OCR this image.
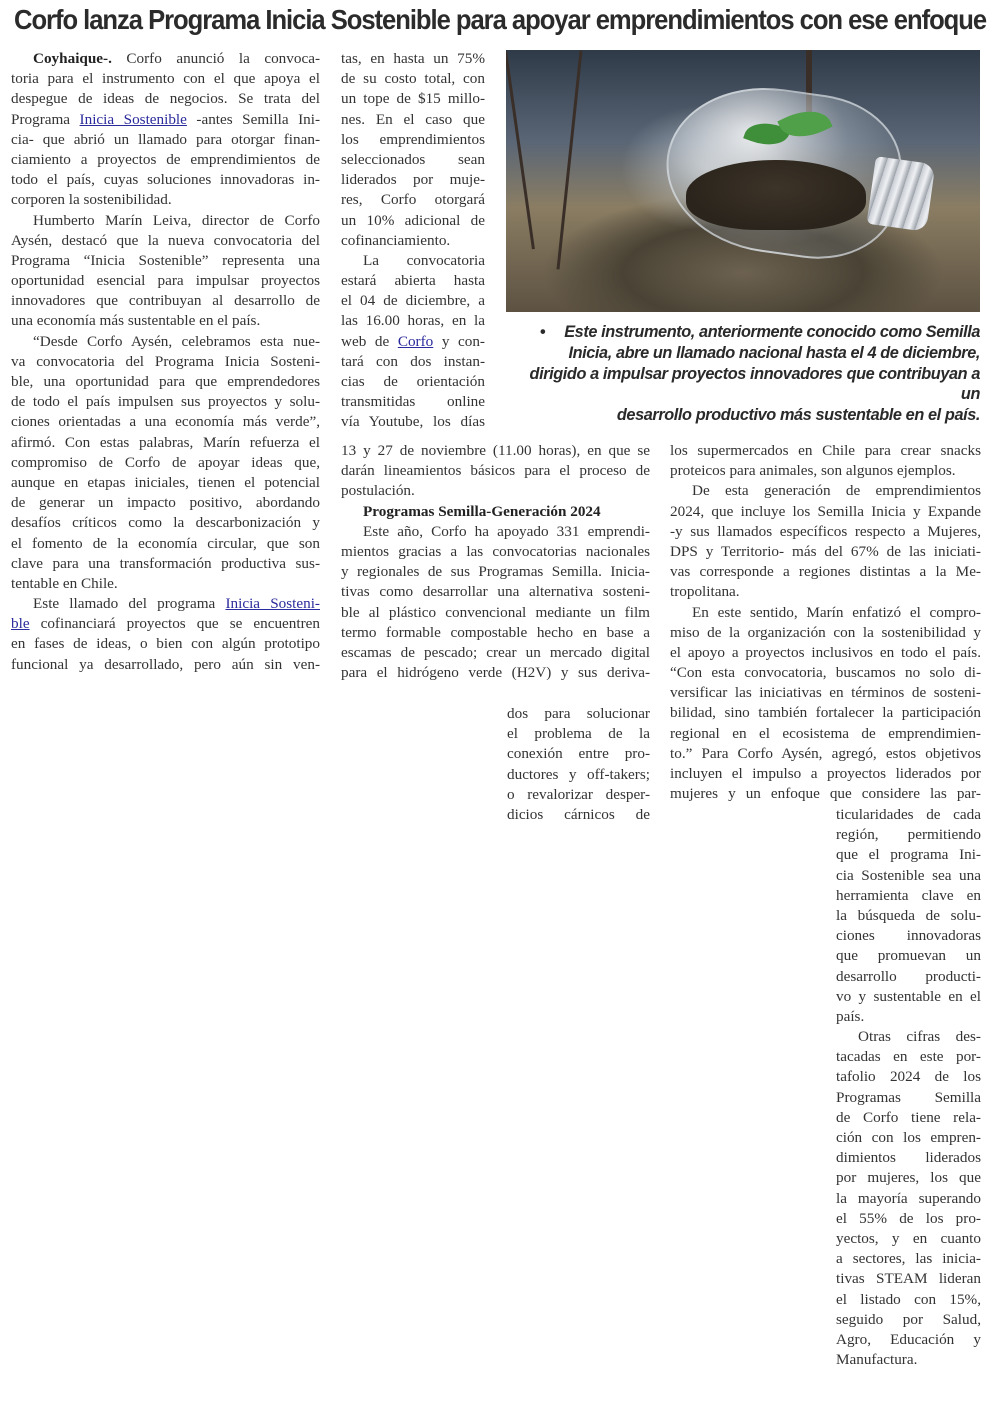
Corfo lanza Programa Inicia Sostenible para apoyar emprendimientos con ese enfoque
Coyhaique-. Corfo anunció la convoca-
toria para el instrumento con el que apoya el
despegue de ideas de negocios. Se trata del
Programa Inicia Sostenible -antes Semilla Ini-
cia- que abrió un llamado para otorgar finan-
ciamiento a proyectos de emprendimientos de
todo el país, cuyas soluciones innovadoras in-
corporen la sostenibilidad.
Humberto Marín Leiva, director de Corfo
Aysén, destacó que la nueva convocatoria del
Programa “Inicia Sostenible” representa una
oportunidad esencial para impulsar proyectos
innovadores que contribuyan al desarrollo de
una economía más sustentable en el país.
“Desde Corfo Aysén, celebramos esta nue-
va convocatoria del Programa Inicia Sosteni-
ble, una oportunidad para que emprendedores
de todo el país impulsen sus proyectos y solu-
ciones orientadas a una economía más verde”,
afirmó. Con estas palabras, Marín refuerza el
compromiso de Corfo de apoyar ideas que,
aunque en etapas iniciales, tienen el potencial
de generar un impacto positivo, abordando
desafíos críticos como la descarbonización y
el fomento de la economía circular, que son
clave para una transformación productiva sus-
tentable en Chile.
Este llamado del programa Inicia Sosteni-
ble cofinanciará proyectos que se encuentren
en fases de ideas, o bien con algún prototipo
funcional ya desarrollado, pero aún sin ven-
tas, en hasta un 75%
de su costo total, con
un tope de $15 millo-
nes. En el caso que
los emprendimientos
seleccionados sean
liderados por muje-
res, Corfo otorgará
un 10% adicional de
cofinanciamiento.
La convocatoria
estará abierta hasta
el 04 de diciembre, a
las 16.00 horas, en la
web de Corfo y con-
tará con dos instan-
cias de orientación
transmitidas online
vía Youtube, los días
13 y 27 de noviembre (11.00 horas), en que se
darán lineamientos básicos para el proceso de
postulación.
Programas Semilla-Generación 2024
Este año, Corfo ha apoyado 331 emprendi-
mientos gracias a las convocatorias nacionales
y regionales de sus Programas Semilla. Inicia-
tivas como desarrollar una alternativa sosteni-
ble al plástico convencional mediante un film
termo formable compostable hecho en base a
escamas de pescado; crear un mercado digital
para el hidrógeno verde (H2V) y sus deriva-
dos para solucionar
el problema de la
conexión entre pro-
ductores y off-takers;
o revalorizar desper-
dicios cárnicos de
•	Este instrumento, anteriormente conocido como Semilla
Inicia, abre un llamado nacional hasta el 4 de diciembre,
dirigido a impulsar proyectos innovadores que contribuyan a un
desarrollo productivo más sustentable en el país.
los supermercados en Chile para crear snacks
proteicos para animales, son algunos ejemplos.
De esta generación de emprendimientos
2024, que incluye los Semilla Inicia y Expande
-y sus llamados específicos respecto a Mujeres,
DPS y Territorio- más del 67% de las iniciati-
vas corresponde a regiones distintas a la Me-
tropolitana.
En este sentido, Marín enfatizó el compro-
miso de la organización con la sostenibilidad y
el apoyo a proyectos inclusivos en todo el país.
“Con esta convocatoria, buscamos no solo di-
versificar las iniciativas en términos de sosteni-
bilidad, sino también fortalecer la participación
regional en el ecosistema de emprendimien-
to.” Para Corfo Aysén, agregó, estos objetivos
incluyen el impulso a proyectos liderados por
mujeres y un enfoque que considere las par-
ticularidades de cada
región, permitiendo
que el programa Ini-
cia Sostenible sea una
herramienta clave en
la búsqueda de solu-
ciones innovadoras
que promuevan un
desarrollo producti-
vo y sustentable en el
país.
Otras cifras des-
tacadas en este por-
tafolio 2024 de los
Programas Semilla
de Corfo tiene rela-
ción con los empren-
dimientos liderados
por mujeres, los que
la mayoría superando
el 55% de los pro-
yectos, y en cuanto
a sectores, las inicia-
tivas STEAM lideran
el listado con 15%,
seguido por Salud,
Agro, Educación y
Manufactura.
